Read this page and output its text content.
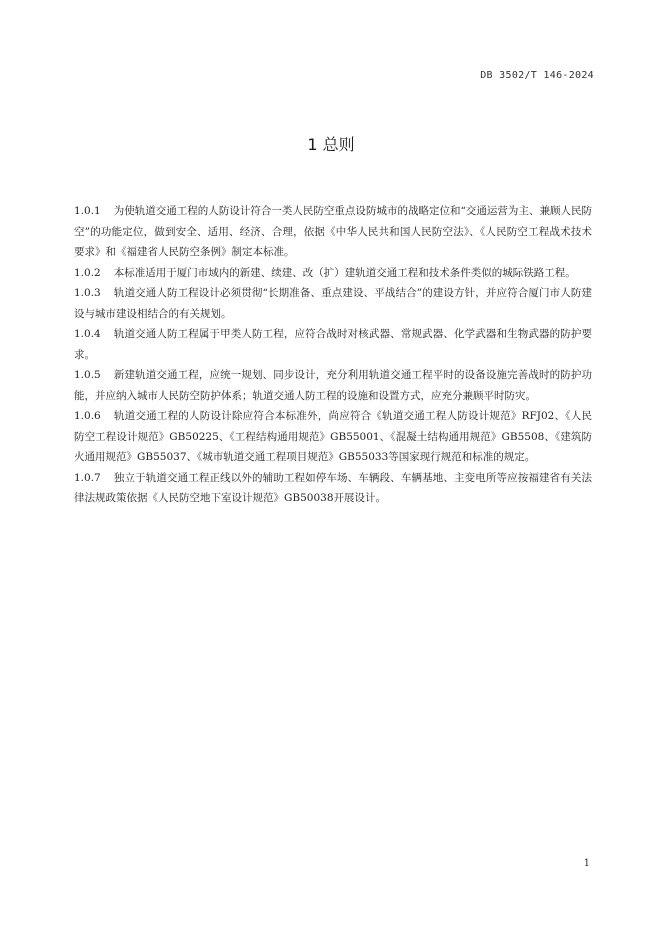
DB 3502/T 146-2024
1 总则

1.0.1 为使轨道交通工程的人防设计符合一类人民防空重点设防城市的战略定位和“交通运营为主、兼顾人民防空”的功能定位，做到安全、适用、经济、合理，依据《中华人民共和国人民防空法》、《人民防空工程战术技术要求》和《福建省人民防空条例》制定本标准。

1.0.2 本标准适用于厦门市域内的新建、续建、改（扩）建轨道交通工程和技术条件类似的城际铁路工程。

1.0.3 轨道交通人防工程设计必须贯彻“长期准备、重点建设、平战结合”的建设方针，并应符合厦门市人防建设与城市建设相结合的有关规划。

1.0.4 轨道交通人防工程属于甲类人防工程，应符合战时对核武器、常规武器、化学武器和生物武器的防护要求。

1.0.5 新建轨道交通工程，应统一规划、同步设计，充分利用轨道交通工程平时的设备设施完善战时的防护功能，并应纳入城市人民防空防护体系；轨道交通人防工程的设施和设置方式，应充分兼顾平时防灾。

1.0.6 轨道交通工程的人防设计除应符合本标准外，尚应符合《轨道交通工程人防设计规范》RFJ02、《人民防空工程设计规范》GB50225、《工程结构通用规范》GB55001、《混凝土结构通用规范》GB5508、《建筑防火通用规范》GB55037、《城市轨道交通工程项目规范》GB55033等国家现行规范和标准的规定。

1.0.7 独立于轨道交通工程正线以外的辅助工程如停车场、车辆段、车辆基地、主变电所等应按福建省有关法律法规政策依据《人民防空地下室设计规范》GB50038开展设计。

1
